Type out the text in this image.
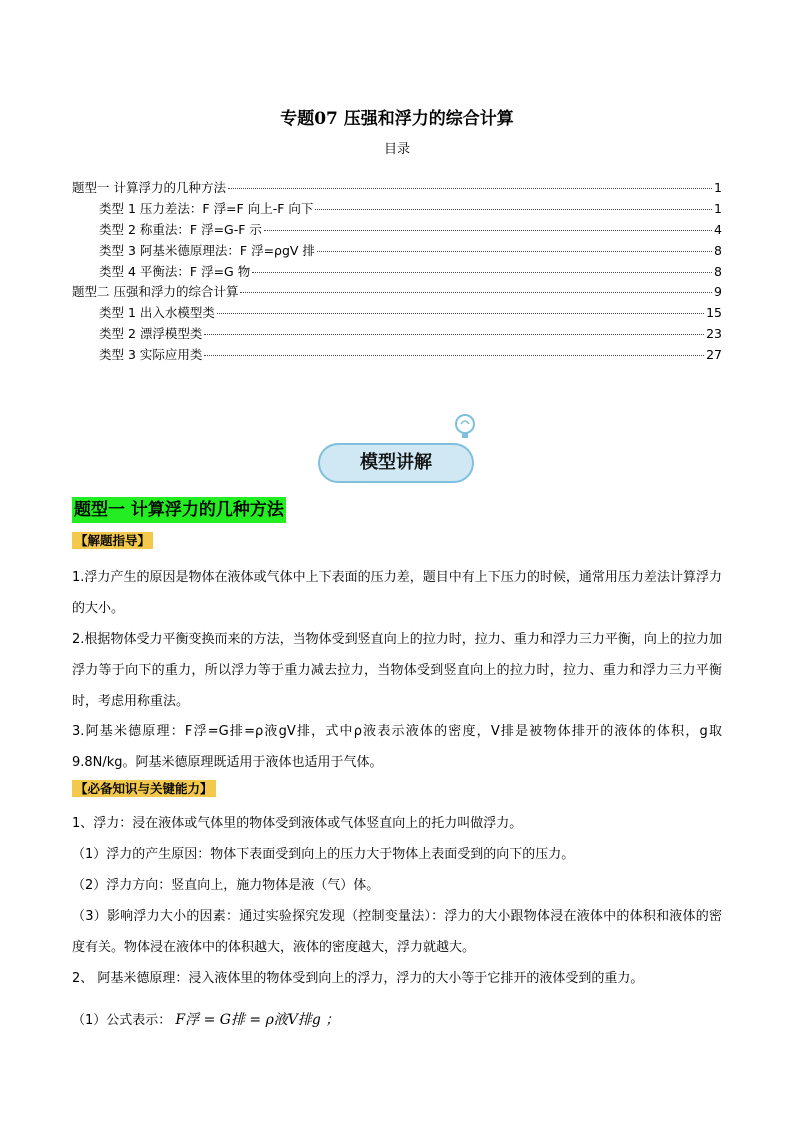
专题07 压强和浮力的综合计算
目录
题型一 计算浮力的几种方法	1
类型 1 压力差法：F 浮=F 向上-F 向下	1
类型 2 称重法：F 浮=G-F 示	4
类型 3 阿基米德原理法：F 浮=ρgV 排	8
类型 4 平衡法：F 浮=G 物	8
题型二 压强和浮力的综合计算	9
类型 1 出入水模型类	15
类型 2 漂浮模型类	23
类型 3 实际应用类	27
模型讲解
题型一 计算浮力的几种方法
【解题指导】
1.浮力产生的原因是物体在液体或气体中上下表面的压力差，题目中有上下压力的时候，通常用压力差法计算浮力的大小。
2.根据物体受力平衡变换而来的方法，当物体受到竖直向上的拉力时，拉力、重力和浮力三力平衡，向上的拉力加浮力等于向下的重力，所以浮力等于重力减去拉力，当物体受到竖直向上的拉力时，拉力、重力和浮力三力平衡时，考虑用称重法。
3.阿基米德原理：F浮=G排=ρ液gV排，式中ρ液表示液体的密度，V排是被物体排开的液体的体积，g取9.8N/kg。阿基米德原理既适用于液体也适用于气体。
【必备知识与关键能力】
1、浮力：浸在液体或气体里的物体受到液体或气体竖直向上的托力叫做浮力。
（1）浮力的产生原因：物体下表面受到向上的压力大于物体上表面受到的向下的压力。
（2）浮力方向：竖直向上，施力物体是液（气）体。
（3）影响浮力大小的因素：通过实验探究发现（控制变量法）：浮力的大小跟物体浸在液体中的体积和液体的密度有关。物体浸在液体中的体积越大，液体的密度越大，浮力就越大。
2、 阿基米德原理：浸入液体里的物体受到向上的浮力，浮力的大小等于它排开的液体受到的重力。
（1）公式表示： F浮 = G排 = ρ液V排g ；
